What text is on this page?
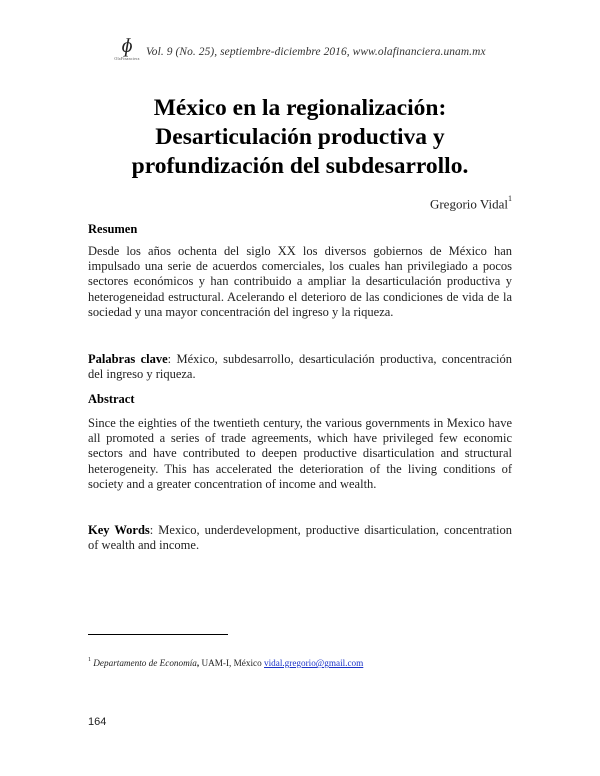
ɸ
OlaFinanciera
Vol. 9 (No. 25), septiembre-diciembre 2016, www.olafinanciera.unam.mx
México en la regionalización:
Desarticulación productiva y
profundización del subdesarrollo.
Gregorio Vidal$^1$
Resumen

Desde los años ochenta del siglo XX los diversos gobiernos de México han impulsado una serie de acuerdos comerciales, los cuales han privilegiado a pocos sectores económicos y han contribuido a ampliar la desarticulación productiva y heterogeneidad estructural. Acelerando el deterioro de las condiciones de vida de la sociedad y una mayor concentración del ingreso y la riqueza.

Palabras clave: México, subdesarrollo, desarticulación productiva, concentración del ingreso y riqueza.

Abstract

Since the eighties of the twentieth century, the various governments in Mexico have all promoted a series of trade agreements, which have privileged few economic sectors and have contributed to deepen productive disarticulation and structural heterogeneity. This has accelerated the deterioration of the living conditions of society and a greater concentration of income and wealth.

Key Words: Mexico, underdevelopment, productive disarticulation, concentration of wealth and income.

$^1$ Departamento de Economía, UAM-I, México vidal.gregorio@gmail.com
164
